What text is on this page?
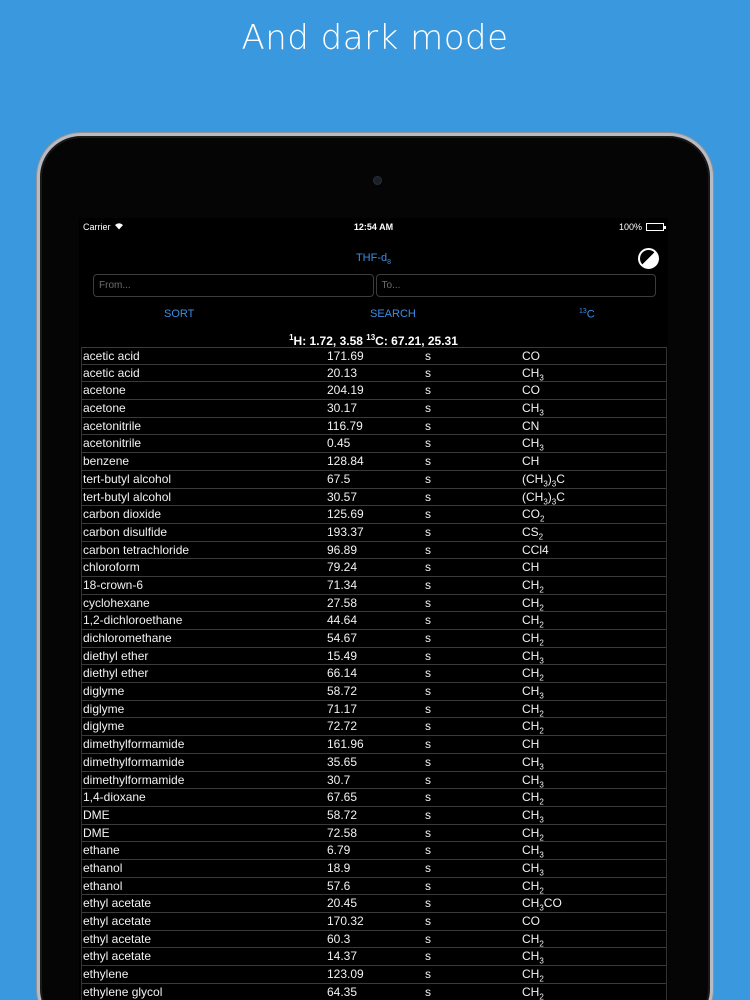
And dark mode
Carrier	12:54 AM	100%
THF-$d_8$
From...
To...
SORT	SEARCH	$^{13}$C
$^1$H: 1.72, 3.58 $^{13}$C: 67.21, 25.31
acetic acid	171.69	s	CO
acetic acid	20.13	s	$CH_3$
acetone	204.19	s	CO
acetone	30.17	s	$CH_3$
acetonitrile	116.79	s	CN
acetonitrile	0.45	s	$CH_3$
benzene	128.84	s	CH
tert-butyl alcohol	67.5	s	$(CH_3)_3C$
tert-butyl alcohol	30.57	s	$(CH_3)_3C$
carbon dioxide	125.69	s	$CO_2$
carbon disulfide	193.37	s	$CS_2$
carbon tetrachloride	96.89	s	CCl4
chloroform	79.24	s	CH
18-crown-6	71.34	s	$CH_2$
cyclohexane	27.58	s	$CH_2$
1,2-dichloroethane	44.64	s	$CH_2$
dichloromethane	54.67	s	$CH_2$
diethyl ether	15.49	s	$CH_3$
diethyl ether	66.14	s	$CH_2$
diglyme	58.72	s	$CH_3$
diglyme	71.17	s	$CH_2$
diglyme	72.72	s	$CH_2$
dimethylformamide	161.96	s	CH
dimethylformamide	35.65	s	$CH_3$
dimethylformamide	30.7	s	$CH_3$
1,4-dioxane	67.65	s	$CH_2$
DME	58.72	s	$CH_3$
DME	72.58	s	$CH_2$
ethane	6.79	s	$CH_3$
ethanol	18.9	s	$CH_3$
ethanol	57.6	s	$CH_2$
ethyl acetate	20.45	s	$CH_3CO$
ethyl acetate	170.32	s	CO
ethyl acetate	60.3	s	$CH_2$
ethyl acetate	14.37	s	$CH_3$
ethylene	123.09	s	$CH_2$
ethylene glycol	64.35	s	$CH_2$
